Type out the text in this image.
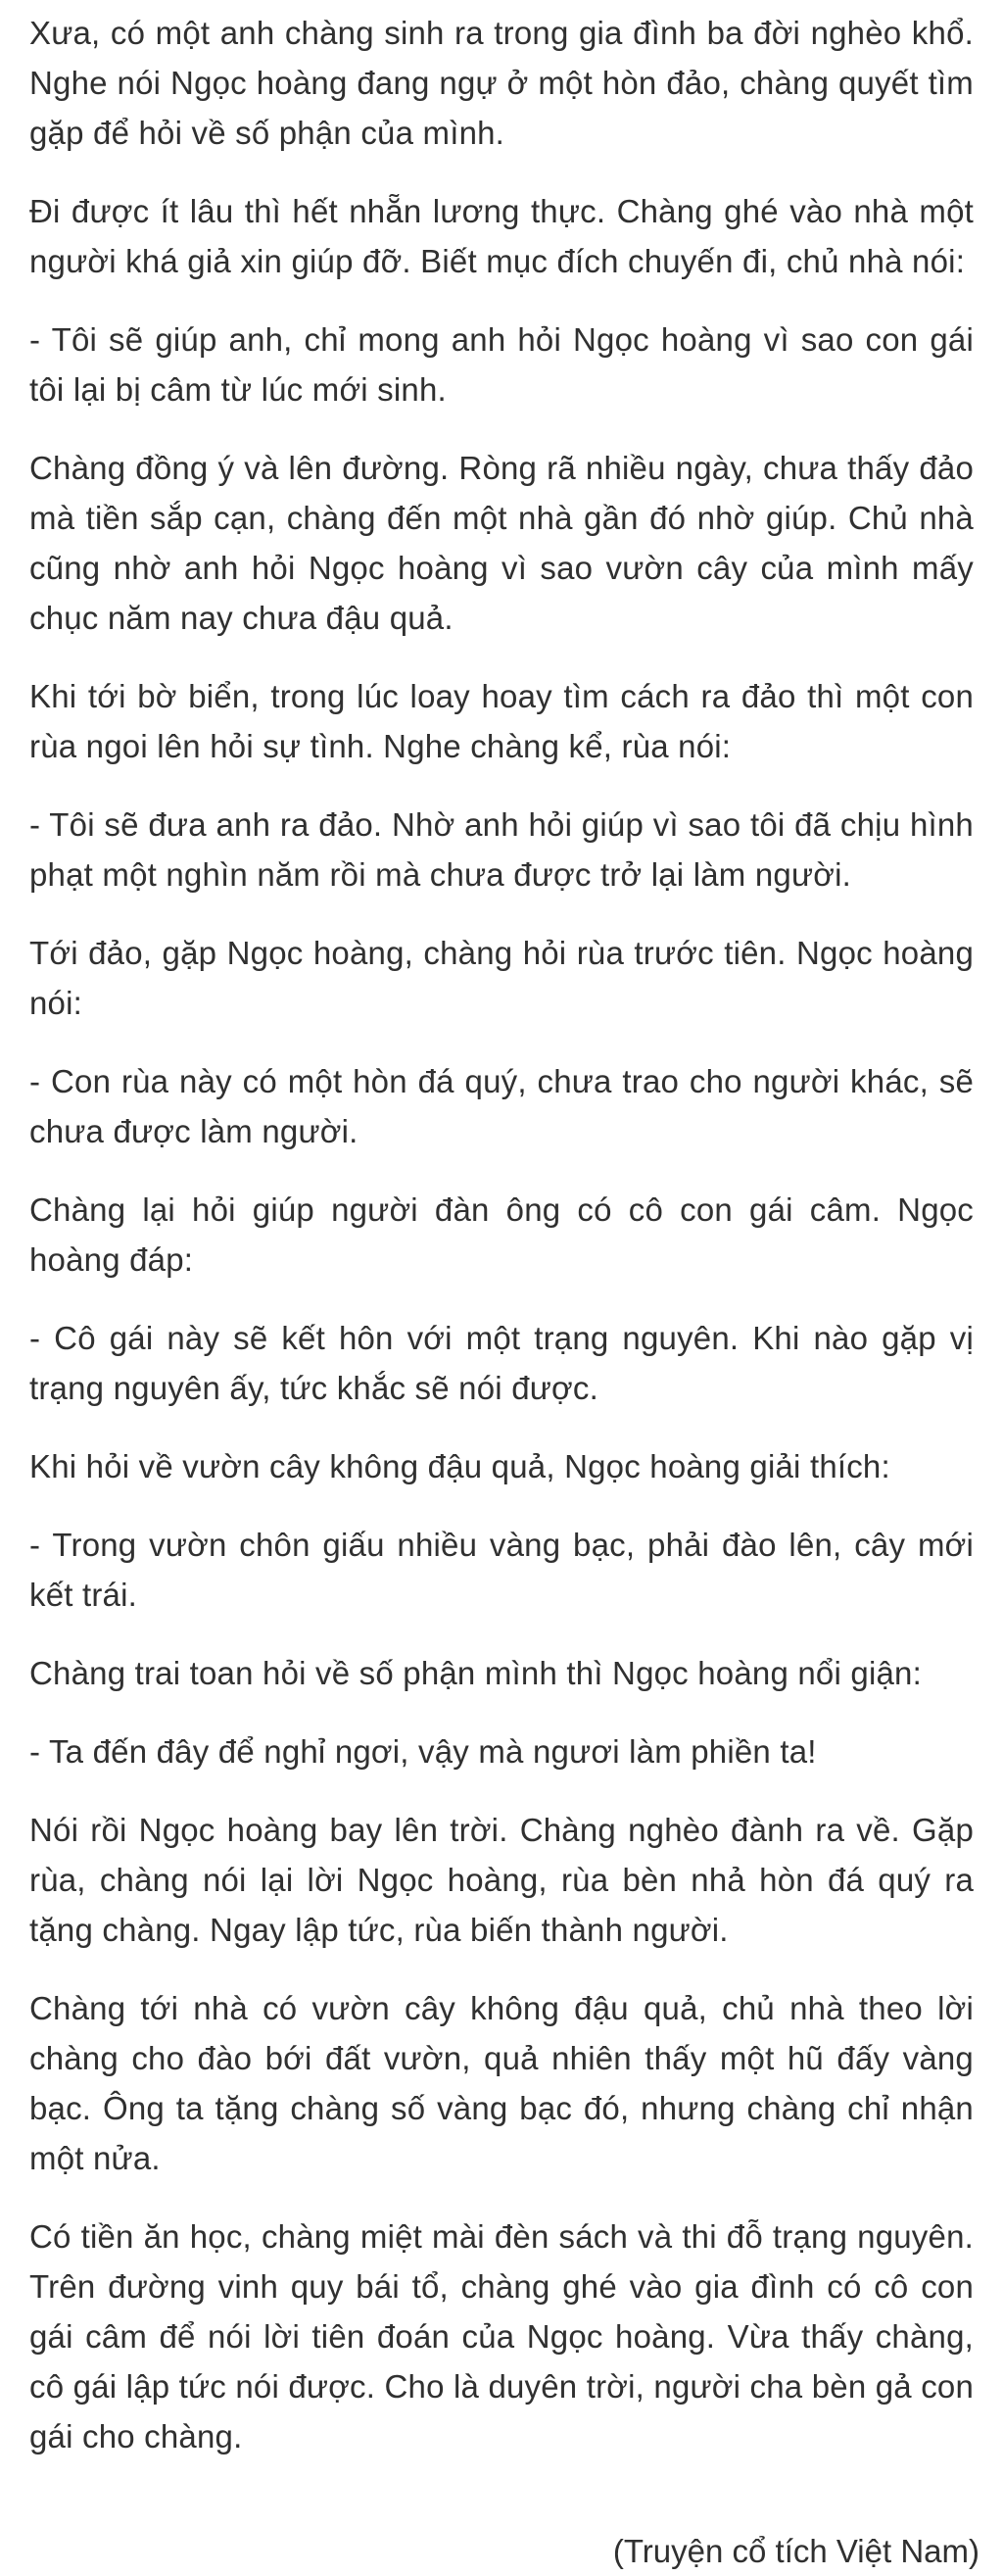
Xưa, có một anh chàng sinh ra trong gia đình ba đời nghèo khổ. Nghe nói Ngọc hoàng đang ngự ở một hòn đảo, chàng quyết tìm gặp để hỏi về số phận của mình.

Đi được ít lâu thì hết nhẵn lương thực. Chàng ghé vào nhà một người khá giả xin giúp đỡ. Biết mục đích chuyến đi, chủ nhà nói:

- Tôi sẽ giúp anh, chỉ mong anh hỏi Ngọc hoàng vì sao con gái tôi lại bị câm từ lúc mới sinh.

Chàng đồng ý và lên đường. Ròng rã nhiều ngày, chưa thấy đảo mà tiền sắp cạn, chàng đến một nhà gần đó nhờ giúp. Chủ nhà cũng nhờ anh hỏi Ngọc hoàng vì sao vườn cây của mình mấy chục năm nay chưa đậu quả.

Khi tới bờ biển, trong lúc loay hoay tìm cách ra đảo thì một con rùa ngoi lên hỏi sự tình. Nghe chàng kể, rùa nói:

- Tôi sẽ đưa anh ra đảo. Nhờ anh hỏi giúp vì sao tôi đã chịu hình phạt một nghìn năm rồi mà chưa được trở lại làm người.

Tới đảo, gặp Ngọc hoàng, chàng hỏi rùa trước tiên. Ngọc hoàng nói:

- Con rùa này có một hòn đá quý, chưa trao cho người khác, sẽ chưa được làm người.

Chàng lại hỏi giúp người đàn ông có cô con gái câm. Ngọc hoàng đáp:

- Cô gái này sẽ kết hôn với một trạng nguyên. Khi nào gặp vị trạng nguyên ấy, tức khắc sẽ nói được.

Khi hỏi về vườn cây không đậu quả, Ngọc hoàng giải thích:

- Trong vườn chôn giấu nhiều vàng bạc, phải đào lên, cây mới kết trái.

Chàng trai toan hỏi về số phận mình thì Ngọc hoàng nổi giận:

- Ta đến đây để nghỉ ngơi, vậy mà ngươi làm phiền ta!

Nói rồi Ngọc hoàng bay lên trời. Chàng nghèo đành ra về. Gặp rùa, chàng nói lại lời Ngọc hoàng, rùa bèn nhả hòn đá quý ra tặng chàng. Ngay lập tức, rùa biến thành người.

Chàng tới nhà có vườn cây không đậu quả, chủ nhà theo lời chàng cho đào bới đất vườn, quả nhiên thấy một hũ đấy vàng bạc. Ông ta tặng chàng số vàng bạc đó, nhưng chàng chỉ nhận một nửa.

Có tiền ăn học, chàng miệt mài đèn sách và thi đỗ trạng nguyên. Trên đường vinh quy bái tổ, chàng ghé vào gia đình có cô con gái câm để nói lời tiên đoán của Ngọc hoàng. Vừa thấy chàng, cô gái lập tức nói được. Cho là duyên trời, người cha bèn gả con gái cho chàng.

(Truyện cổ tích Việt Nam)
